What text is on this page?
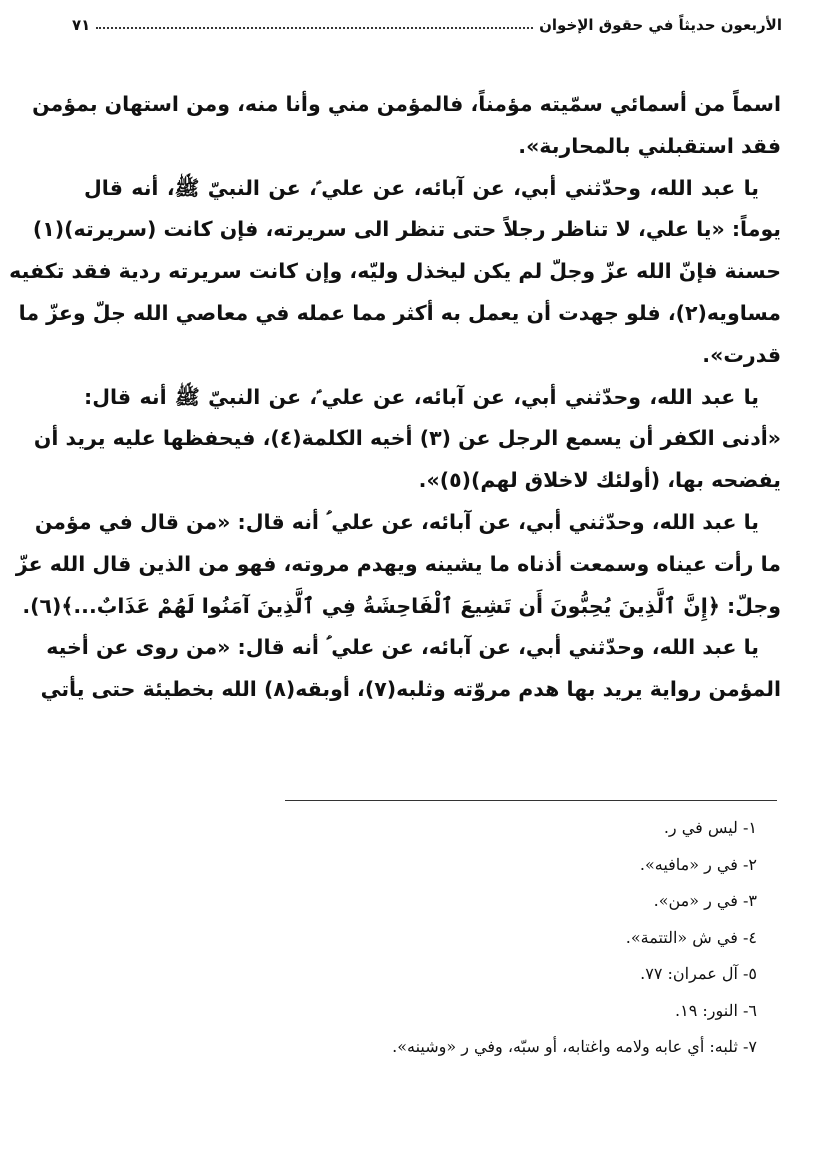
الأربعون حديثاً في حقوق الإخوان
٧١
اسماً من أسمائي سمّيته مؤمناً، فالمؤمن مني وأنا منه، ومن استهان بمؤمن
فقد استقبلني بالمحاربة».
يا عبد الله، وحدّثني أبي، عن آبائه، عن علي ؑ، عن النبيّ ﷺ، أنه قال
يوماً: «يا علي، لا تناظر رجلاً حتى تنظر الى سريرته، فإن كانت (سريرته)(١)
حسنة فإنّ الله عزّ وجلّ لم يكن ليخذل وليّه، وإن كانت سريرته ردية فقد تكفيه
مساويه(٢)، فلو جهدت أن يعمل به أكثر مما عمله في معاصي الله جلّ وعزّ ما
قدرت».
يا عبد الله، وحدّثني أبي، عن آبائه، عن علي ؑ، عن النبيّ ﷺ أنه قال:
«أدنى الكفر أن يسمع الرجل عن (٣) أخيه الكلمة(٤)، فيحفظها عليه يريد أن
يفضحه بها، (أولئك لاخلاق لهم)(٥)».
يا عبد الله، وحدّثني أبي، عن آبائه، عن علي ؑ أنه قال: «من قال في مؤمن
ما رأت عيناه وسمعت أذناه ما يشينه ويهدم مروته، فهو من الذين قال الله عزّ
وجلّ: ﴿إِنَّ ٱلَّذِينَ يُحِبُّونَ أَن تَشِيعَ ٱلْفَاحِشَةُ فِي ٱلَّذِينَ آمَنُوا لَهُمْ عَذَابٌ...﴾(٦).
يا عبد الله، وحدّثني أبي، عن آبائه، عن علي ؑ أنه قال: «من روى عن أخيه
المؤمن رواية يريد بها هدم مروّته وثلبه(٧)، أوبقه(٨) الله بخطيئة حتى يأتي
١- ليس في ر.
٢- في ر «مافيه».
٣- في ر «من».
٤- في ش «التتمة».
٥- آل عمران: ٧٧.
٦- النور: ١٩.
٧- ثلبه: أي عابه ولامه واغتابه، أو سبّه، وفي ر «وشينه».
